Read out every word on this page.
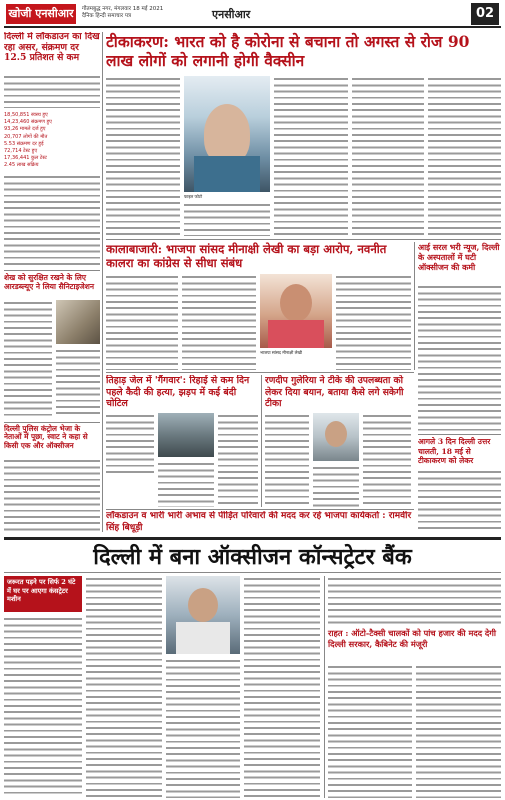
खोजी एनसीआर	गौतमबुद्ध नगर, मंगलवार 18 मई 2021
दैनिक हिन्दी समाचार पत्र	एनसीआर	02
दिल्ली में लॉकडाउन का दिख रहा असर, संक्रमण दर 12.5 प्रतिशत से कम
18,50,851 स्वस्थ हुए
14,23,460 संक्रमण हुए
93,26 मामले दर्ज हुए
20,707 लोगों की मौत
5.53 संक्रमण दर हुई
72,714 टेस्ट हुए
17,36,441 कुल टेस्ट
2.45 लाख सक्रिय
शेख को सुरक्षित रखने के लिए आरडब्ल्यूए ने लिया सैनिटाइजेशन
दिल्ली पुलिस कंट्रोल भेजा के नेताओं में पूछा, स्वाट ने कहा से किसी एक और ऑक्सीजन
टीकाकरण: भारत को है कोरोना से बचाना तो अगस्त से रोज 90 लाख लोगों को लगानी होगी वैक्सीन
फाइल फोटो
कालाबाजारी: भाजपा सांसद मीनाक्षी लेखी का बड़ा आरोप, नवनीत कालरा का कांग्रेस से सीधा संबंध
भाजपा सांसद मीनाक्षी लेखी
आई सरल भरी न्यूज, दिल्ली के अस्पतालों में घटी ऑक्सीजन की कमी
तिहाड़ जेल में 'गैंगवार': रिहाई से कम दिन पहले कैदी की हत्या, झड़प में कई बंदी चोटिल
रणदीप गुलेरिया ने टीके की उपलब्धता को लेकर दिया बयान, बताया कैसे लगे सकेगी टीका
आगले 3 दिन दिल्ली उत्तर चालती, 18 मई से टीकाकरण को लेकर
लॉकडाउन व भारी भारी अभाव से पीड़ित परिवारों की मदद कर रहे भाजपा कार्यकर्ता : रामवीर सिंह बिधूड़ी
दिल्ली में बना ऑक्सीजन कॉन्सट्रेटर बैंक
जरूरत पड़ने पर सिर्फ 2 घंटे में घर पर आएगा कंसट्रेटर मशीन
राहत : ऑटो-टैक्सी चालकों को पांच हजार की मदद देगी दिल्ली सरकार, कैबिनेट की मंजूरी
